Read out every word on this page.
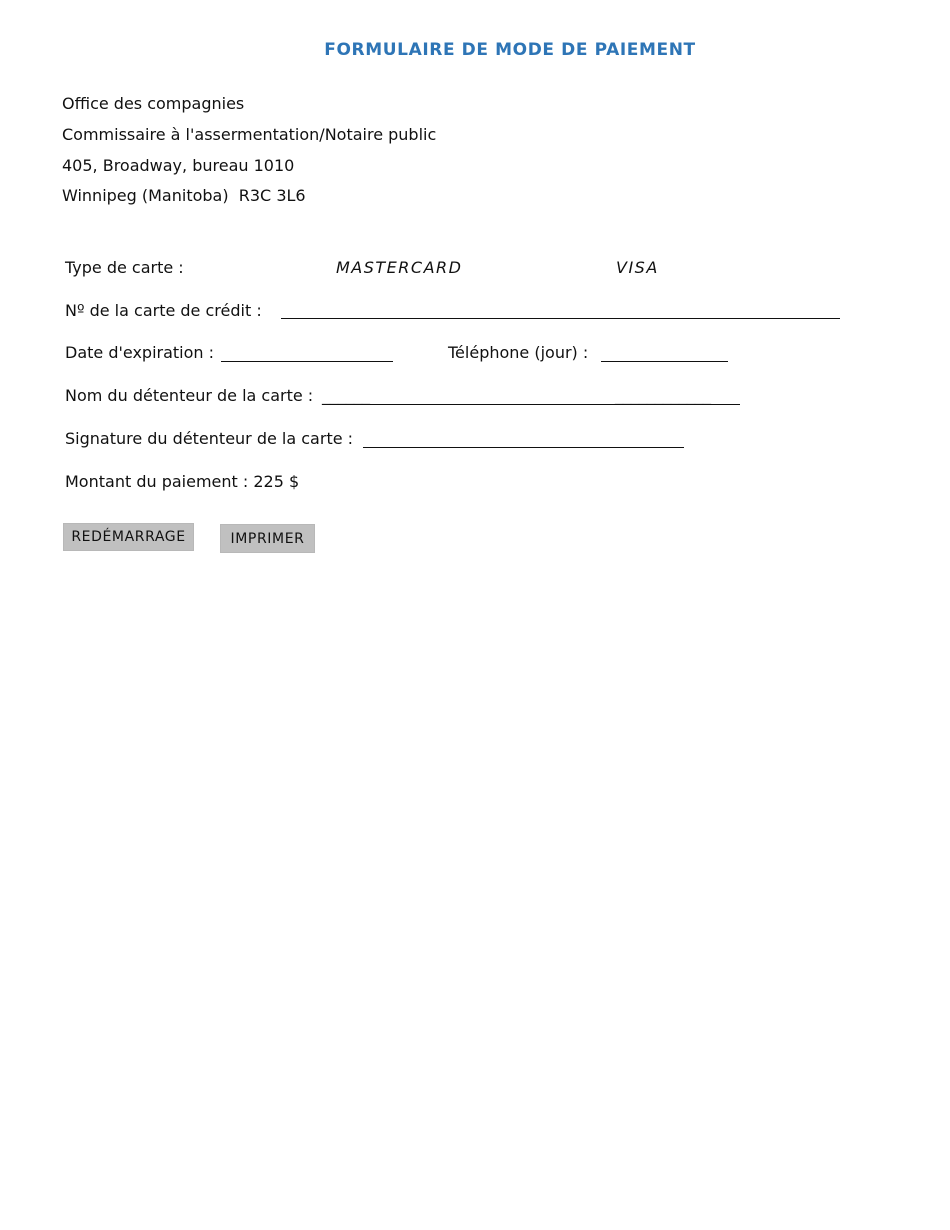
FORMULAIRE DE MODE DE PAIEMENT
Office des compagnies
Commissaire à l'assermentation/Notaire public
405, Broadway, bureau 1010
Winnipeg (Manitoba)  R3C 3L6
Type de carte :	MASTERCARD	VISA
Nº de la carte de crédit :
Date d'expiration :	Téléphone (jour) :
Nom du détenteur de la carte : ______	____________
Signature du détenteur de la carte :
Montant du paiement : 225 $
REDÉMARRAGE	IMPRIMER
